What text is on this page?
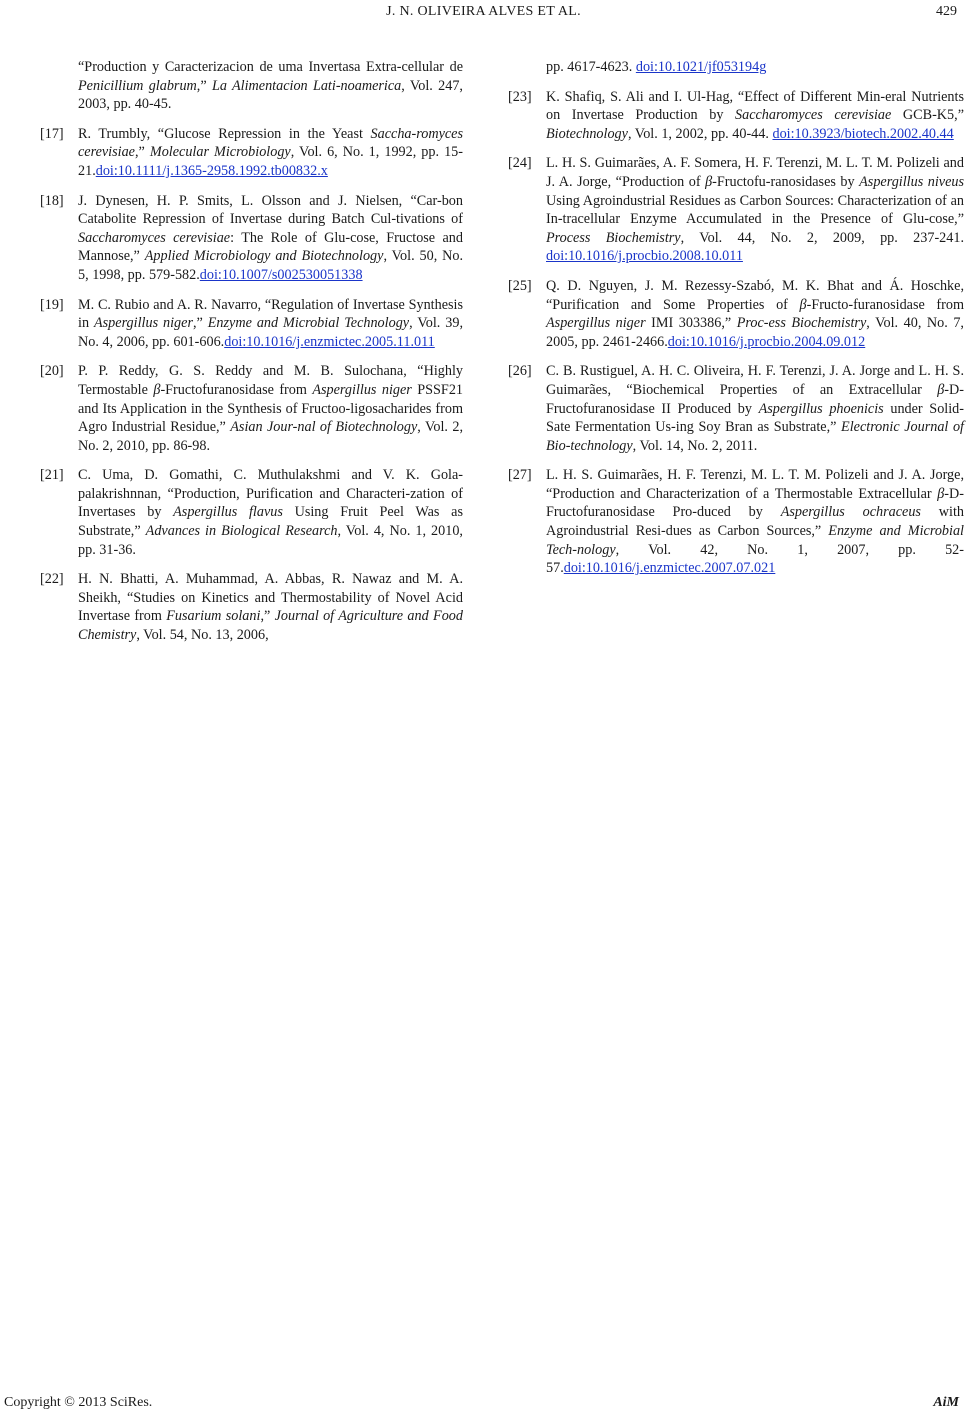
J. N. OLIVEIRA ALVES ET AL.	429
“Production y Caracterizacion de uma Invertasa Extra-cellular de Penicillium glabrum,” La Alimentacion Lati-noamerica, Vol. 247, 2003, pp. 40-45.
[17] R. Trumbly, “Glucose Repression in the Yeast Saccha-romyces cerevisiae,” Molecular Microbiology, Vol. 6, No. 1, 1992, pp. 15-21.doi:10.1111/j.1365-2958.1992.tb00832.x
[18] J. Dynesen, H. P. Smits, L. Olsson and J. Nielsen, “Car-bon Catabolite Repression of Invertase during Batch Cul-tivations of Saccharomyces cerevisiae: The Role of Glu-cose, Fructose and Mannose,” Applied Microbiology and Biotechnology, Vol. 50, No. 5, 1998, pp. 579-582.doi:10.1007/s002530051338
[19] M. C. Rubio and A. R. Navarro, “Regulation of Invertase Synthesis in Aspergillus niger,” Enzyme and Microbial Technology, Vol. 39, No. 4, 2006, pp. 601-606.doi:10.1016/j.enzmictec.2005.11.011
[20] P. P. Reddy, G. S. Reddy and M. B. Sulochana, “Highly Termostable β-Fructofuranosidase from Aspergillus niger PSSF21 and Its Application in the Synthesis of Fructoo-ligosacharides from Agro Industrial Residue,” Asian Jour-nal of Biotechnology, Vol. 2, No. 2, 2010, pp. 86-98.
[21] C. Uma, D. Gomathi, C. Muthulakshmi and V. K. Gola-palakrishnnan, “Production, Purification and Characteri-zation of Invertases by Aspergillus flavus Using Fruit Peel Was as Substrate,” Advances in Biological Research, Vol. 4, No. 1, 2010, pp. 31-36.
[22] H. N. Bhatti, A. Muhammad, A. Abbas, R. Nawaz and M. A. Sheikh, “Studies on Kinetics and Thermostability of Novel Acid Invertase from Fusarium solani,” Journal of Agriculture and Food Chemistry, Vol. 54, No. 13, 2006,
pp. 4617-4623. doi:10.1021/jf053194g
[23] K. Shafiq, S. Ali and I. Ul-Hag, “Effect of Different Min-eral Nutrients on Invertase Production by Saccharomyces cerevisiae GCB-K5,” Biotechnology, Vol. 1, 2002, pp. 40-44. doi:10.3923/biotech.2002.40.44
[24] L. H. S. Guimarães, A. F. Somera, H. F. Terenzi, M. L. T. M. Polizeli and J. A. Jorge, “Production of β-Fructofu-ranosidases by Aspergillus niveus Using Agroindustrial Residues as Carbon Sources: Characterization of an In-tracellular Enzyme Accumulated in the Presence of Glu-cose,” Process Biochemistry, Vol. 44, No. 2, 2009, pp. 237-241. doi:10.1016/j.procbio.2008.10.011
[25] Q. D. Nguyen, J. M. Rezessy-Szabó, M. K. Bhat and Á. Hoschke, “Purification and Some Properties of β-Fructo-furanosidase from Aspergillus niger IMI 303386,” Proc-ess Biochemistry, Vol. 40, No. 7, 2005, pp. 2461-2466.doi:10.1016/j.procbio.2004.09.012
[26] C. B. Rustiguel, A. H. C. Oliveira, H. F. Terenzi, J. A. Jorge and L. H. S. Guimarães, “Biochemical Properties of an Extracellular β-D-Fructofuranosidase II Produced by Aspergillus phoenicis under Solid-Sate Fermentation Us-ing Soy Bran as Substrate,” Electronic Journal of Bio-technology, Vol. 14, No. 2, 2011.
[27] L. H. S. Guimarães, H. F. Terenzi, M. L. T. M. Polizeli and J. A. Jorge, “Production and Characterization of a Thermostable Extracellular β-D-Fructofuranosidase Pro-duced by Aspergillus ochraceus with Agroindustrial Resi-dues as Carbon Sources,” Enzyme and Microbial Tech-nology, Vol. 42, No. 1, 2007, pp. 52-57.doi:10.1016/j.enzmictec.2007.07.021
Copyright © 2013 SciRes.	AiM
